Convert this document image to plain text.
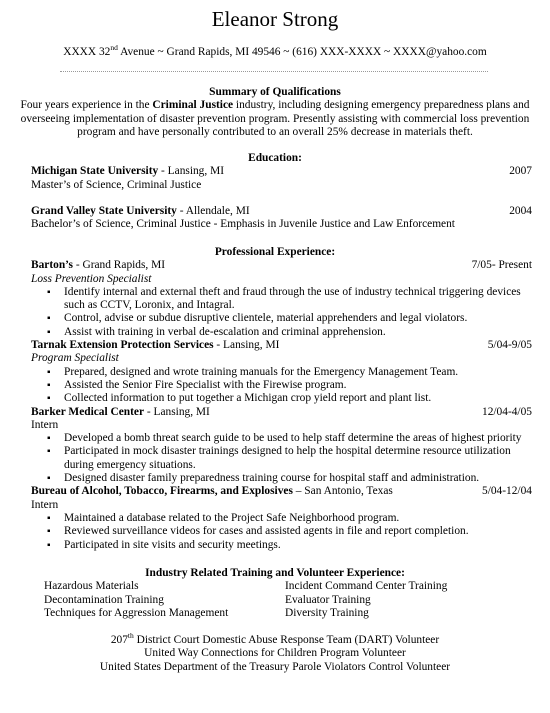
Eleanor Strong
XXXX 32nd Avenue ~ Grand Rapids, MI 49546 ~ (616) XXX-XXXX ~ XXXX@yahoo.com
Summary of Qualifications
Four years experience in the Criminal Justice industry, including designing emergency preparedness plans and overseeing implementation of disaster prevention program. Presently assisting with commercial loss prevention program and have personally contributed to an overall 25% decrease in materials theft.
Education:
Michigan State University - Lansing, MI	2007
Master’s of Science, Criminal Justice
Grand Valley State University - Allendale, MI	2004
Bachelor’s of Science, Criminal Justice - Emphasis in Juvenile Justice and Law Enforcement
Professional Experience:
Barton’s - Grand Rapids, MI	7/05- Present
Loss Prevention Specialist
▪ Identify internal and external theft and fraud through the use of industry technical triggering devices such as CCTV, Loronix, and Intagral.
▪ Control, advise or subdue disruptive clientele, material apprehenders and legal violators.
▪ Assist with training in verbal de-escalation and criminal apprehension.
Tarnak Extension Protection Services - Lansing, MI	5/04-9/05
Program Specialist
▪ Prepared, designed and wrote training manuals for the Emergency Management Team.
▪ Assisted the Senior Fire Specialist with the Firewise program.
▪ Collected information to put together a Michigan crop yield report and plant list.
Barker Medical Center - Lansing, MI	12/04-4/05
Intern
▪ Developed a bomb threat search guide to be used to help staff determine the areas of highest priority
▪ Participated in mock disaster trainings designed to help the hospital determine resource utilization during emergency situations.
▪ Designed disaster family preparedness training course for hospital staff and administration.
Bureau of Alcohol, Tobacco, Firearms, and Explosives – San Antonio, Texas	5/04-12/04
Intern
▪ Maintained a database related to the Project Safe Neighborhood program.
▪ Reviewed surveillance videos for cases and assisted agents in file and report completion.
▪ Participated in site visits and security meetings.
Industry Related Training and Volunteer Experience:
Hazardous Materials	Incident Command Center Training
Decontamination Training	Evaluator Training
Techniques for Aggression Management	Diversity Training
207th District Court Domestic Abuse Response Team (DART) Volunteer
United Way Connections for Children Program Volunteer
United States Department of the Treasury Parole Violators Control Volunteer
